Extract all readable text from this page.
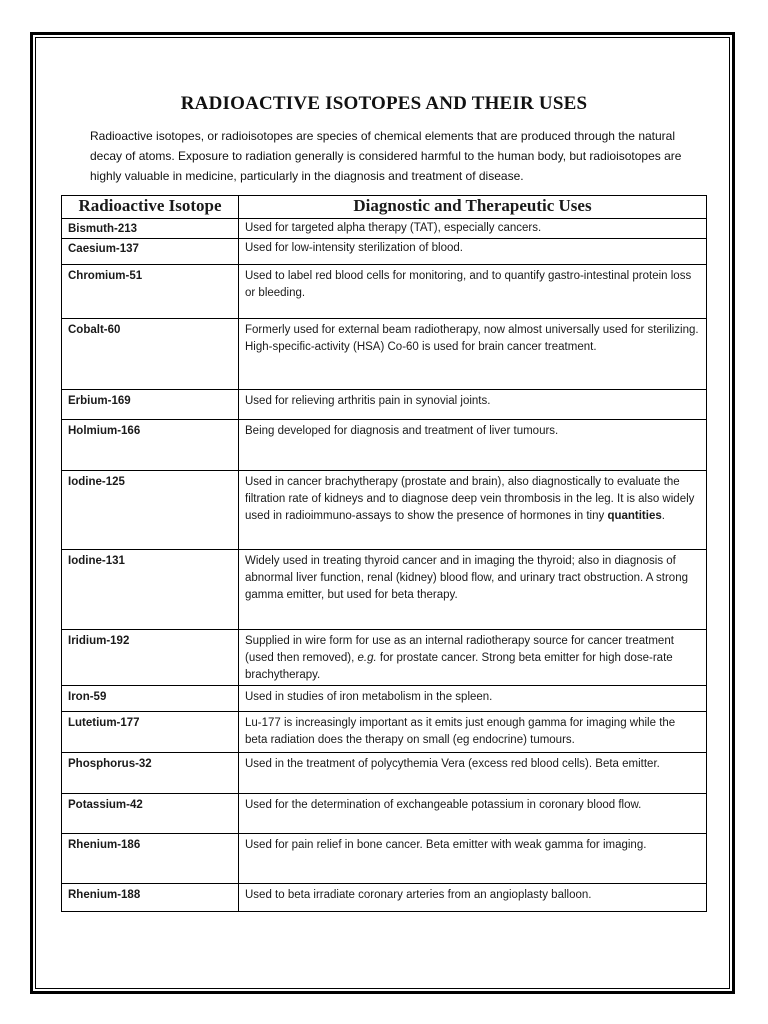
RADIOACTIVE ISOTOPES AND THEIR USES
Radioactive isotopes, or radioisotopes are species of chemical elements that are produced through the natural decay of atoms. Exposure to radiation generally is considered harmful to the human body, but radioisotopes are highly valuable in medicine, particularly in the diagnosis and treatment of disease.
Radioactive Isotope	Diagnostic and Therapeutic Uses
Bismuth-213	Used for targeted alpha therapy (TAT), especially cancers.
Caesium-137	Used for low-intensity sterilization of blood.
Chromium-51	Used to label red blood cells for monitoring, and to quantify gastro-intestinal protein loss or bleeding.
Cobalt-60	Formerly used for external beam radiotherapy, now almost universally used for sterilizing. High-specific-activity (HSA) Co-60 is used for brain cancer treatment.
Erbium-169	Used for relieving arthritis pain in synovial joints.
Holmium-166	Being developed for diagnosis and treatment of liver tumours.
Iodine-125	Used in cancer brachytherapy (prostate and brain), also diagnostically to evaluate the filtration rate of kidneys and to diagnose deep vein thrombosis in the leg. It is also widely used in radioimmuno-assays to show the presence of hormones in tiny quantities.
Iodine-131	Widely used in treating thyroid cancer and in imaging the thyroid; also in diagnosis of abnormal liver function, renal (kidney) blood flow, and urinary tract obstruction. A strong gamma emitter, but used for beta therapy.
Iridium-192	Supplied in wire form for use as an internal radiotherapy source for cancer treatment (used then removed), e.g. for prostate cancer. Strong beta emitter for high dose-rate brachytherapy.
Iron-59	Used in studies of iron metabolism in the spleen.
Lutetium-177	Lu-177 is increasingly important as it emits just enough gamma for imaging while the beta radiation does the therapy on small (eg endocrine) tumours.
Phosphorus-32	Used in the treatment of polycythemia Vera (excess red blood cells). Beta emitter.
Potassium-42	Used for the determination of exchangeable potassium in coronary blood flow.
Rhenium-186	Used for pain relief in bone cancer. Beta emitter with weak gamma for imaging.
Rhenium-188	Used to beta irradiate coronary arteries from an angioplasty balloon.
